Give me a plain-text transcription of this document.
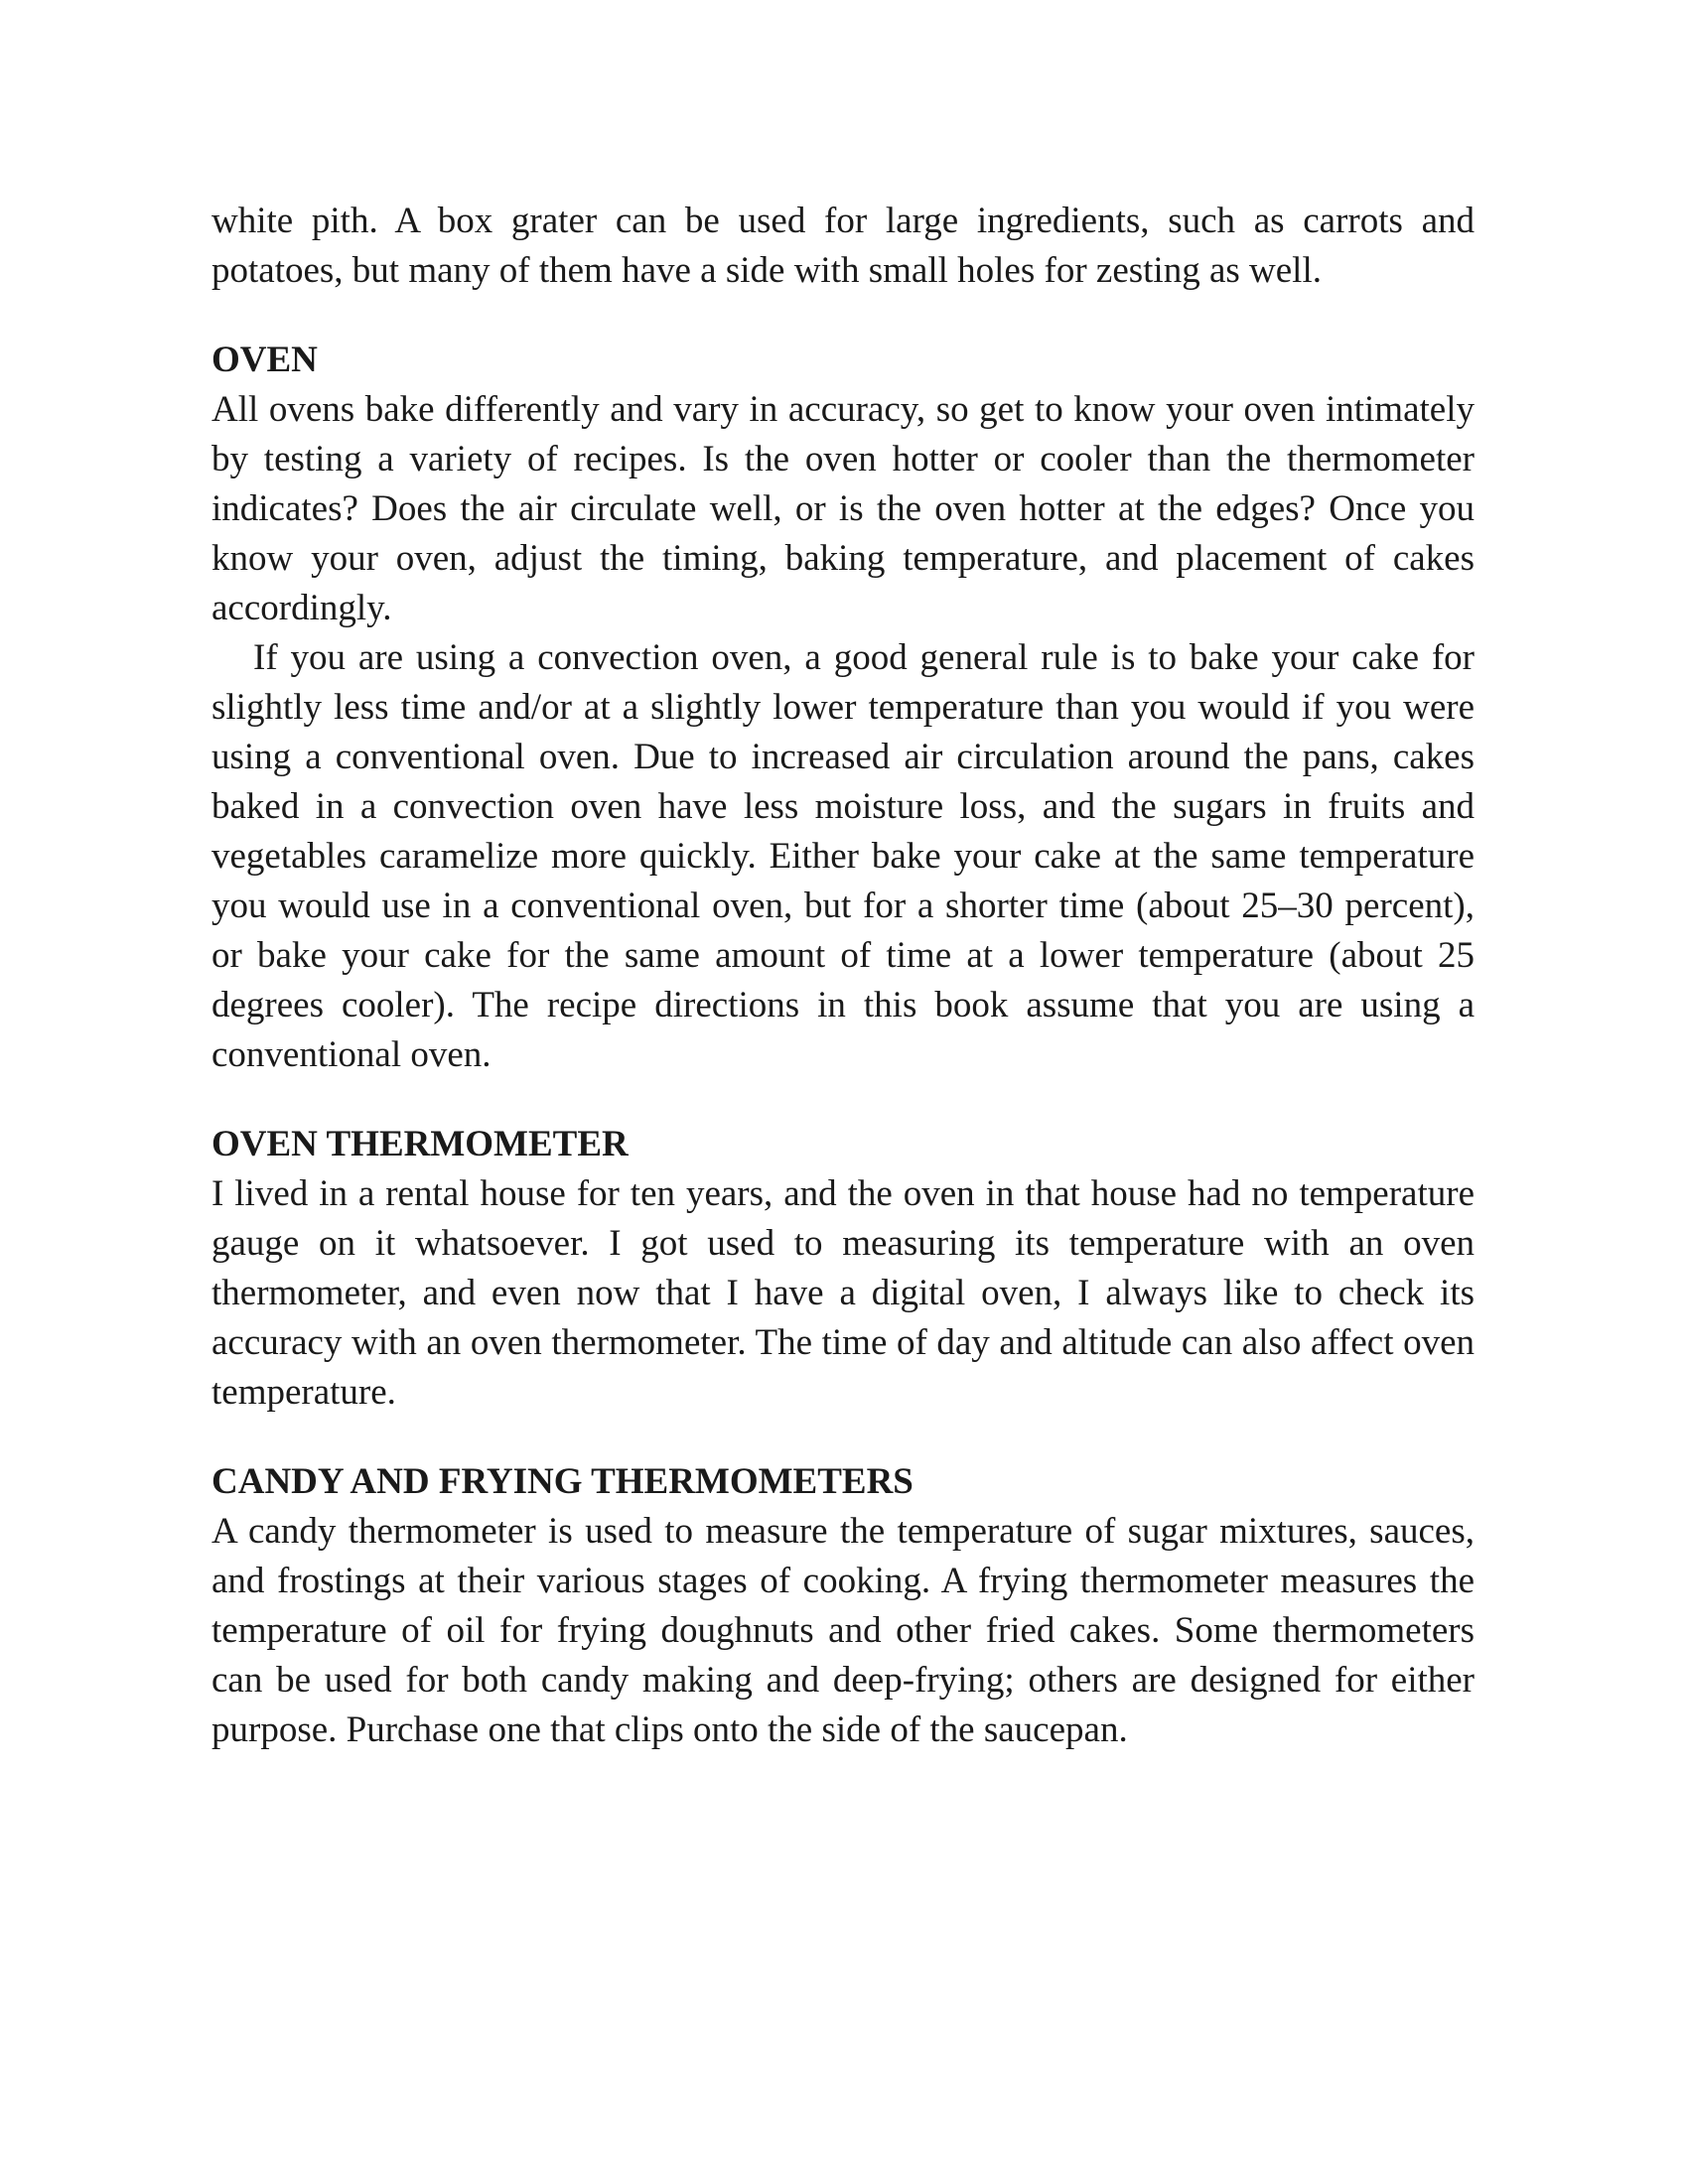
white pith. A box grater can be used for large ingredients, such as carrots and potatoes, but many of them have a side with small holes for zesting as well.

OVEN

All ovens bake differently and vary in accuracy, so get to know your oven intimately by testing a variety of recipes. Is the oven hotter or cooler than the thermometer indicates? Does the air circulate well, or is the oven hotter at the edges? Once you know your oven, adjust the timing, baking temperature, and placement of cakes accordingly.

If you are using a convection oven, a good general rule is to bake your cake for slightly less time and/or at a slightly lower temperature than you would if you were using a conventional oven. Due to increased air circulation around the pans, cakes baked in a convection oven have less moisture loss, and the sugars in fruits and vegetables caramelize more quickly. Either bake your cake at the same temperature you would use in a conventional oven, but for a shorter time (about 25–30 percent), or bake your cake for the same amount of time at a lower temperature (about 25 degrees cooler). The recipe directions in this book assume that you are using a conventional oven.

OVEN THERMOMETER

I lived in a rental house for ten years, and the oven in that house had no temperature gauge on it whatsoever. I got used to measuring its temperature with an oven thermometer, and even now that I have a digital oven, I always like to check its accuracy with an oven thermometer. The time of day and altitude can also affect oven temperature.

CANDY AND FRYING THERMOMETERS

A candy thermometer is used to measure the temperature of sugar mixtures, sauces, and frostings at their various stages of cooking. A frying thermometer measures the temperature of oil for frying doughnuts and other fried cakes. Some thermometers can be used for both candy making and deep-frying; others are designed for either purpose. Purchase one that clips onto the side of the saucepan.
